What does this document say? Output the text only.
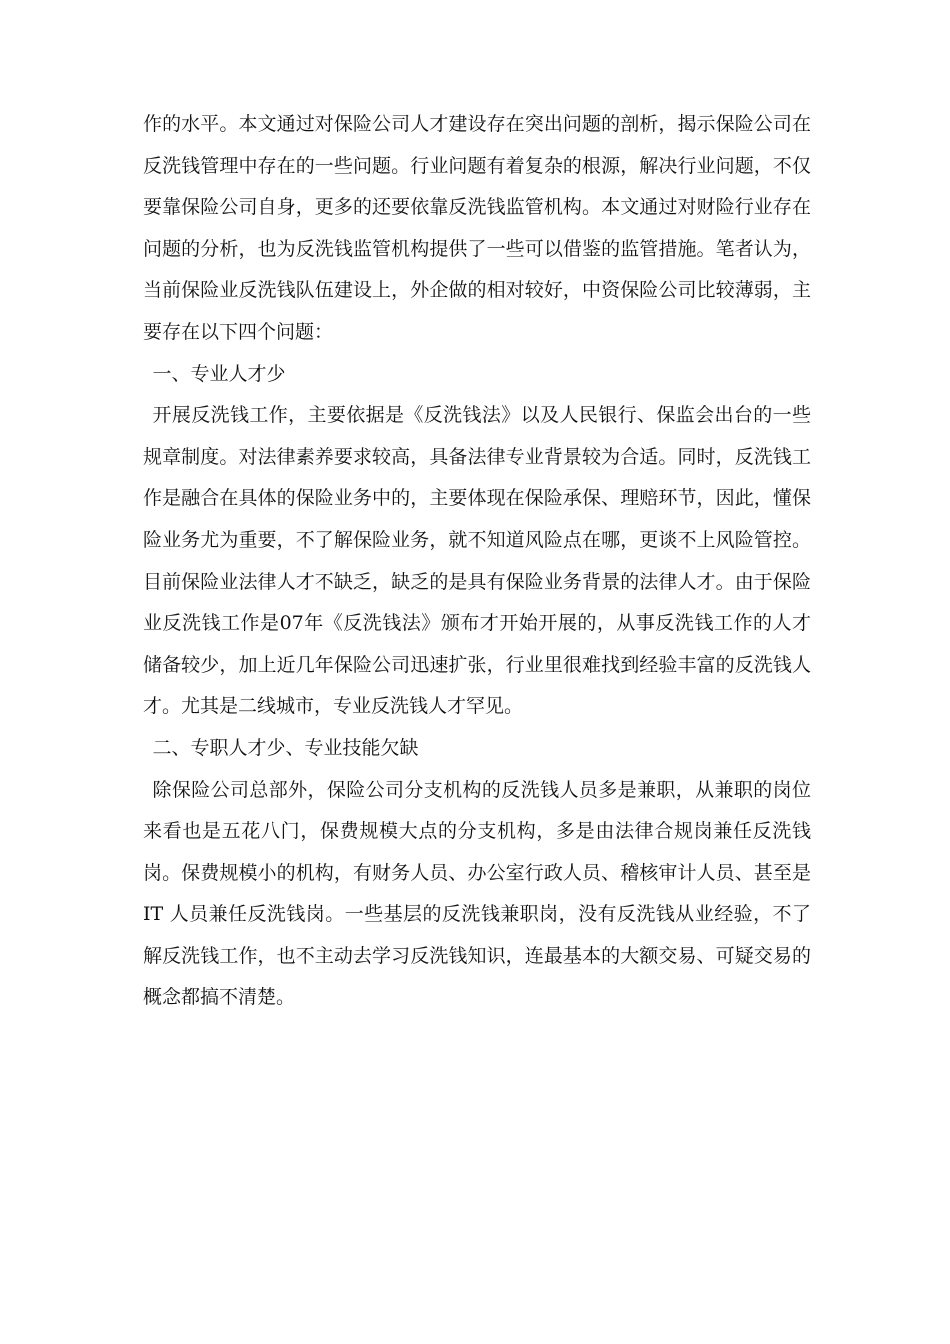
作的水平。本文通过对保险公司人才建设存在突出问题的剖析，揭示保险公司在反洗钱管理中存在的一些问题。行业问题有着复杂的根源，解决行业问题，不仅要靠保险公司自身，更多的还要依靠反洗钱监管机构。本文通过对财险行业存在问题的分析，也为反洗钱监管机构提供了一些可以借鉴的监管措施。笔者认为，当前保险业反洗钱队伍建设上，外企做的相对较好，中资保险公司比较薄弱，主要存在以下四个问题：

一、专业人才少

开展反洗钱工作，主要依据是《反洗钱法》以及人民银行、保监会出台的一些规章制度。对法律素养要求较高，具备法律专业背景较为合适。同时，反洗钱工作是融合在具体的保险业务中的，主要体现在保险承保、理赔环节，因此，懂保险业务尤为重要，不了解保险业务，就不知道风险点在哪，更谈不上风险管控。目前保险业法律人才不缺乏，缺乏的是具有保险业务背景的法律人才。由于保险业反洗钱工作是07年《反洗钱法》颁布才开始开展的，从事反洗钱工作的人才储备较少，加上近几年保险公司迅速扩张，行业里很难找到经验丰富的反洗钱人才。尤其是二线城市，专业反洗钱人才罕见。

二、专职人才少、专业技能欠缺

除保险公司总部外，保险公司分支机构的反洗钱人员多是兼职，从兼职的岗位来看也是五花八门，保费规模大点的分支机构，多是由法律合规岗兼任反洗钱岗。保费规模小的机构，有财务人员、办公室行政人员、稽核审计人员、甚至是 IT 人员兼任反洗钱岗。一些基层的反洗钱兼职岗，没有反洗钱从业经验，不了解反洗钱工作，也不主动去学习反洗钱知识，连最基本的大额交易、可疑交易的概念都搞不清楚。
